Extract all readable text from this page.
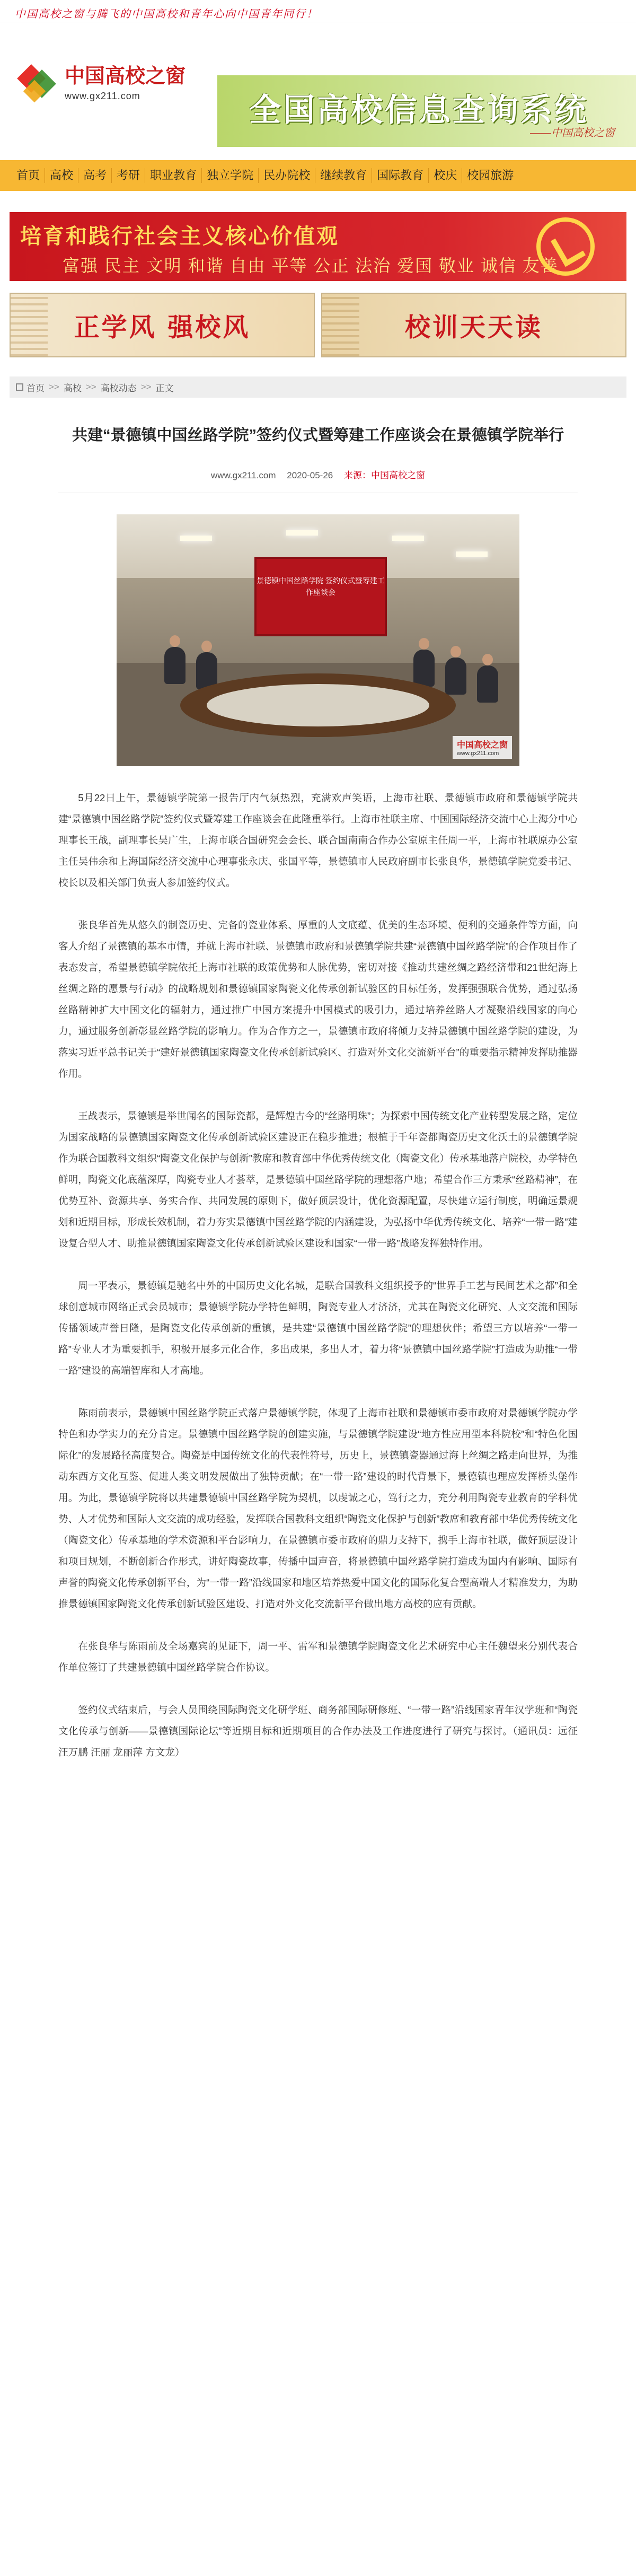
中国高校之窗与腾飞的中国高校和青年心向中国青年同行！
中国高校之窗
www.gx211.com	全国高校信息查询系统
——中国高校之窗
首页 高校 高考 考研 职业教育 独立学院 民办院校 继续教育 国际教育 校庆 校园旅游
培育和践行社会主义核心价值观
富强 民主 文明 和谐 自由 平等 公正 法治 爱国 敬业 诚信 友善
正学风 强校风	校训天天读
首页 >> 高校 >> 高校动态 >> 正文
共建“景德镇中国丝路学院”签约仪式暨筹建工作座谈会在景德镇学院举行
www.gx211.com 2020-05-26 来源：中国高校之窗
景德镇中国丝路学院 签约仪式暨筹建工作座谈会
中国高校之窗
www.gx211.com

5月22日上午，景德镇学院第一报告厅内气氛热烈，充满欢声笑语，上海市社联、景德镇市政府和景德镇学院共建“景德镇中国丝路学院”签约仪式暨筹建工作座谈会在此隆重举行。上海市社联主席、中国国际经济交流中心上海分中心理事长王战，副理事长吴广生，上海市联合国研究会会长、联合国南南合作办公室原主任周一平，上海市社联原办公室主任吴伟余和上海国际经济交流中心理事张永庆、张国平等，景德镇市人民政府副市长张良华，景德镇学院党委书记、校长以及相关部门负责人参加签约仪式。

张良华首先从悠久的制瓷历史、完备的瓷业体系、厚重的人文底蕴、优美的生态环境、便利的交通条件等方面，向客人介绍了景德镇的基本市情，并就上海市社联、景德镇市政府和景德镇学院共建“景德镇中国丝路学院”的合作项目作了表态发言，希望景德镇学院依托上海市社联的政策优势和人脉优势，密切对接《推动共建丝绸之路经济带和21世纪海上丝绸之路的愿景与行动》的战略规划和景德镇国家陶瓷文化传承创新试验区的目标任务，发挥强强联合优势，通过弘扬丝路精神扩大中国文化的辐射力，通过推广中国方案提升中国模式的吸引力，通过培养丝路人才凝聚沿线国家的向心力，通过服务创新彰显丝路学院的影响力。作为合作方之一，景德镇市政府将倾力支持景德镇中国丝路学院的建设，为落实习近平总书记关于“建好景德镇国家陶瓷文化传承创新试验区、打造对外文化交流新平台”的重要指示精神发挥助推器作用。

王战表示，景德镇是举世闻名的国际瓷都，是辉煌古今的“丝路明珠”；为探索中国传统文化产业转型发展之路，定位为国家战略的景德镇国家陶瓷文化传承创新试验区建设正在稳步推进；根植于千年瓷都陶瓷历史文化沃土的景德镇学院作为联合国教科文组织“陶瓷文化保护与创新”教席和教育部中华优秀传统文化（陶瓷文化）传承基地落户院校，办学特色鲜明，陶瓷文化底蕴深厚，陶瓷专业人才荟萃，是景德镇中国丝路学院的理想落户地；希望合作三方秉承“丝路精神”，在优势互补、资源共享、务实合作、共同发展的原则下，做好顶层设计，优化资源配置，尽快建立运行制度，明确远景规划和近期目标，形成长效机制，着力夯实景德镇中国丝路学院的内涵建设，为弘扬中华优秀传统文化、培养“一带一路”建设复合型人才、助推景德镇国家陶瓷文化传承创新试验区建设和国家“一带一路”战略发挥独特作用。

周一平表示，景德镇是驰名中外的中国历史文化名城，是联合国教科文组织授予的“世界手工艺与民间艺术之都”和全球创意城市网络正式会员城市；景德镇学院办学特色鲜明，陶瓷专业人才济济，尤其在陶瓷文化研究、人文交流和国际传播领域声誉日隆，是陶瓷文化传承创新的重镇，是共建“景德镇中国丝路学院”的理想伙伴；希望三方以培养“一带一路”专业人才为重要抓手，积极开展多元化合作，多出成果，多出人才，着力将“景德镇中国丝路学院”打造成为助推“一带一路”建设的高端智库和人才高地。

陈雨前表示，景德镇中国丝路学院正式落户景德镇学院，体现了上海市社联和景德镇市委市政府对景德镇学院办学特色和办学实力的充分肯定。景德镇中国丝路学院的创建实施，与景德镇学院建设“地方性应用型本科院校”和“特色化国际化”的发展路径高度契合。陶瓷是中国传统文化的代表性符号，历史上，景德镇瓷器通过海上丝绸之路走向世界，为推动东西方文化互鉴、促进人类文明发展做出了独特贡献；在“一带一路”建设的时代背景下，景德镇也理应发挥桥头堡作用。为此，景德镇学院将以共建景德镇中国丝路学院为契机，以虔诚之心，笃行之力，充分利用陶瓷专业教育的学科优势、人才优势和国际人文交流的成功经验，发挥联合国教科文组织“陶瓷文化保护与创新”教席和教育部中华优秀传统文化（陶瓷文化）传承基地的学术资源和平台影响力，在景德镇市委市政府的鼎力支持下，携手上海市社联，做好顶层设计和项目规划，不断创新合作形式，讲好陶瓷故事，传播中国声音，将景德镇中国丝路学院打造成为国内有影响、国际有声誉的陶瓷文化传承创新平台，为“一带一路”沿线国家和地区培养热爱中国文化的国际化复合型高端人才精准发力，为助推景德镇国家陶瓷文化传承创新试验区建设、打造对外文化交流新平台做出地方高校的应有贡献。

在张良华与陈雨前及全场嘉宾的见证下，周一平、雷军和景德镇学院陶瓷文化艺术研究中心主任魏望来分别代表合作单位签订了共建景德镇中国丝路学院合作协议。

签约仪式结束后，与会人员围绕国际陶瓷文化研学班、商务部国际研修班、“一带一路”沿线国家青年汉学班和“陶瓷文化传承与创新——景德镇国际论坛”等近期目标和近期项目的合作办法及工作进度进行了研究与探讨。（通讯员：远征 汪万鹏 汪丽 龙丽萍 方文龙）
